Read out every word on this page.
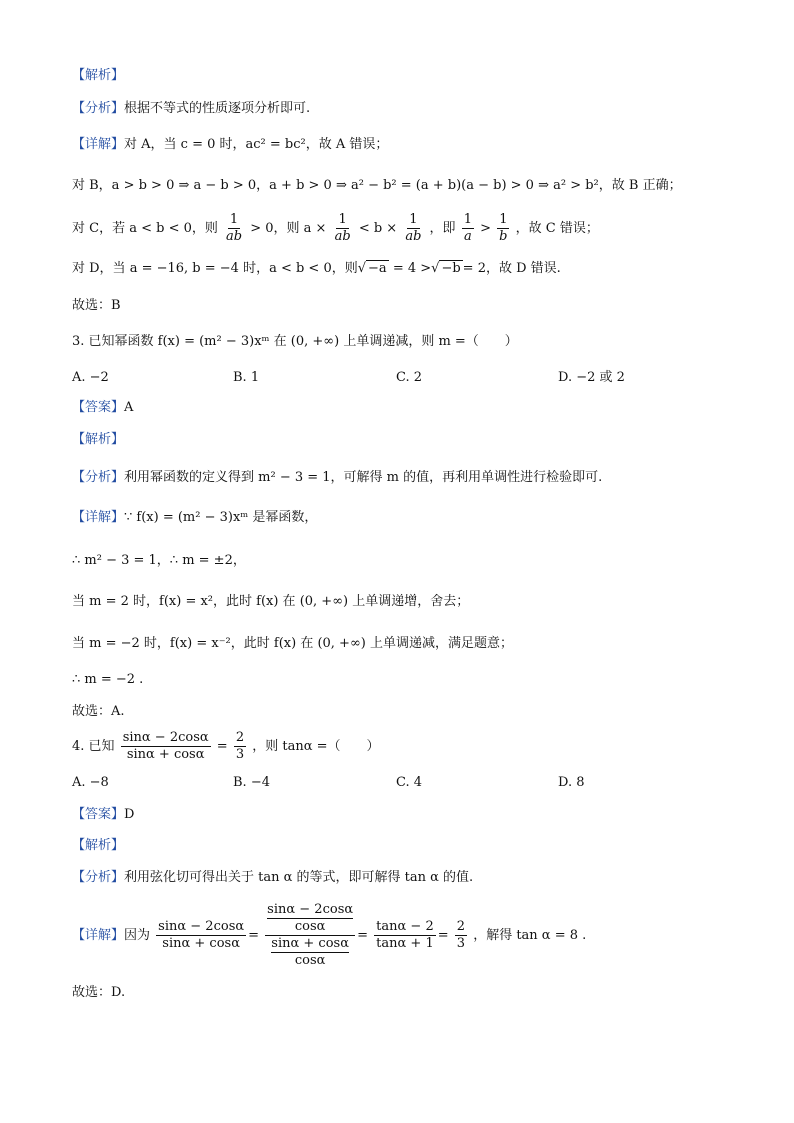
【解析】
【分析】根据不等式的性质逐项分析即可.
【详解】对 A，当 c = 0 时，ac² = bc²，故 A 错误；
对 B，a > b > 0 ⇒ a − b > 0，a + b > 0 ⇒ a² − b² = (a + b)(a − b) > 0 ⇒ a² > b²，故 B 正确；
对 C，若 a < b < 0，则 $\frac{1}{ab} > 0$，则 $a \times \frac{1}{ab} < b \times \frac{1}{ab}$ ，即 $\frac{1}{a} > \frac{1}{b}$ ，故 C 错误；
对 D，当 a = −16, b = −4 时，a < b < 0，则√ −a = 4 >√ −b = 2，故 D 错误.
故选：B
3. 已知幂函数 f(x) = (m² − 3)xᵐ 在 (0, +∞) 上单调递减，则 m =（　　）
A. −2	B. 1	C. 2	D. −2 或 2
【答案】A
【解析】
【分析】利用幂函数的定义得到 m² − 3 = 1，可解得 m 的值，再利用单调性进行检验即可.
【详解】∵ f(x) = (m² − 3)xᵐ 是幂函数，
∴ m² − 3 = 1，∴ m = ±2，
当 m = 2 时，f(x) = x²，此时 f(x) 在 (0, +∞) 上单调递增，舍去；
当 m = −2 时，f(x) = x⁻²，此时 f(x) 在 (0, +∞) 上单调递减，满足题意；
∴ m = −2 .
故选：A.
4. 已知 $\frac{\sin\alpha - 2\cos\alpha}{\sin\alpha + \cos\alpha} = \frac{2}{3}$ ，则 tanα =（　　）
A. −8	B. −4	C. 4	D. 8
【答案】D
【解析】
【分析】利用弦化切可得出关于 tan α 的等式，即可解得 tan α 的值.
【详解】因为 $\frac{\sin\alpha - 2\cos\alpha}{\sin\alpha + \cos\alpha} = \sin\alpha - 2\cos\alpha$
cosα
sinα + cosα
$\cos\alpha = \frac{\tan\alpha - 2}{\tan\alpha + 1} = \frac{2}{3}$ ，解得 tan α = 8 .
故选：D.
